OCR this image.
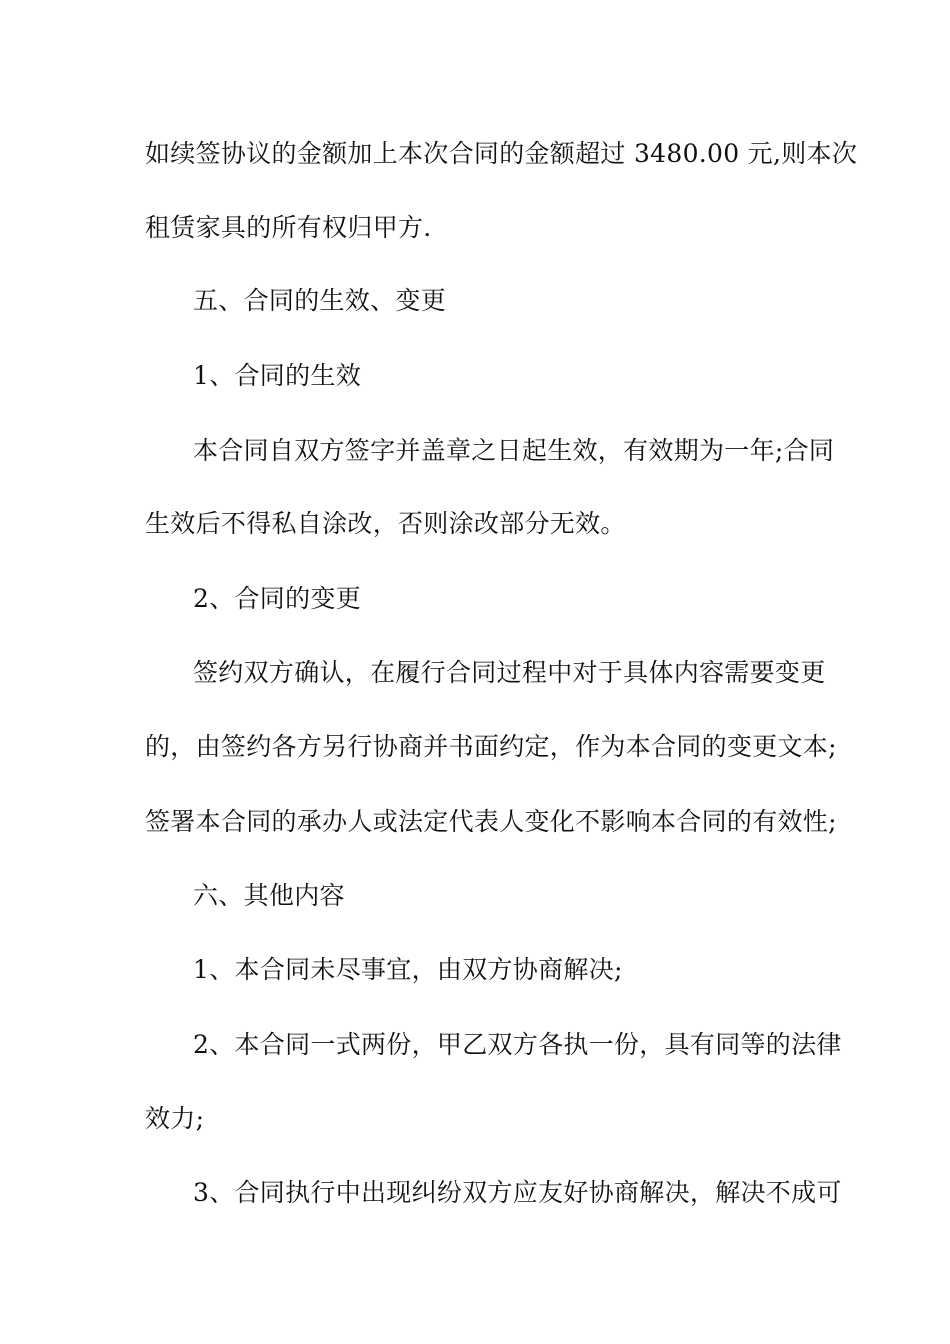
如续签协议的金额加上本次合同的金额超过 3480.00 元,则本次
租赁家具的所有权归甲方.
五、合同的生效、变更
1、合同的生效
本合同自双方签字并盖章之日起生效，有效期为一年;合同
生效后不得私自涂改，否则涂改部分无效。
2、合同的变更
签约双方确认，在履行合同过程中对于具体内容需要变更
的，由签约各方另行协商并书面约定，作为本合同的变更文本;
签署本合同的承办人或法定代表人变化不影响本合同的有效性;
六、其他内容
1、本合同未尽事宜，由双方协商解决;
2、本合同一式两份，甲乙双方各执一份，具有同等的法律
效力;
3、合同执行中出现纠纷双方应友好协商解决，解决不成可
